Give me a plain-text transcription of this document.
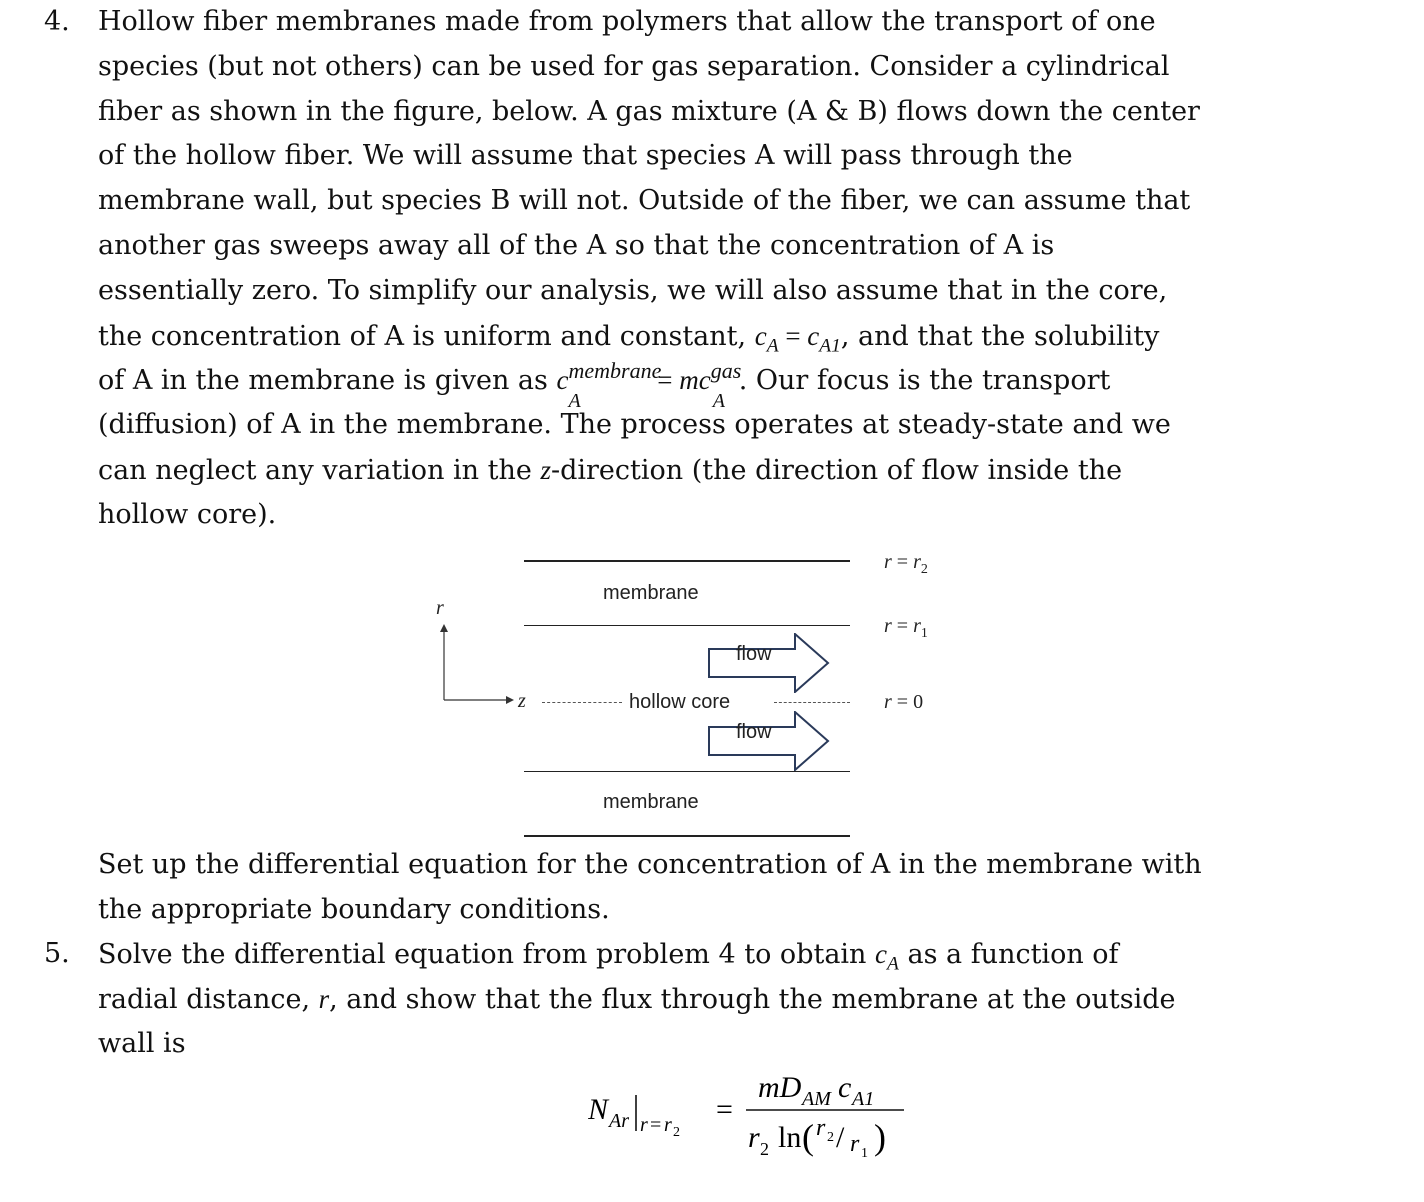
4. Hollow fiber membranes made from polymers that allow the transport of one
species (but not others) can be used for gas separation. Consider a cylindrical
fiber as shown in the figure, below. A gas mixture (A & B) flows down the center
of the hollow fiber. We will assume that species A will pass through the
membrane wall, but species B will not. Outside of the fiber, we can assume that
another gas sweeps away all of the A so that the concentration of A is
essentially zero. To simplify our analysis, we will also assume that in the core,
the concentration of A is uniform and constant, $c_A = c_{A1}$, and that the solubility
of A in the membrane is given as c membrane
A
= mc gas
A
. Our focus is the transport
(diffusion) of A in the membrane. The process operates at steady-state and we
can neglect any variation in the z-direction (the direction of flow inside the
hollow core).
membrane
hollow core
membrane
flow
flow
r
z
$r = r_2$
$r = r_1$
r = 0
Set up the differential equation for the concentration of A in the membrane with
the appropriate boundary conditions.
5. Solve the differential equation from problem 4 to obtain $c_A$ as a function of
radial distance, r, and show that the flux through the membrane at the outside
wall is
N Ar r = r 2
=
mD AM c A1
r 2 ln ( r 2 / r 1 )
